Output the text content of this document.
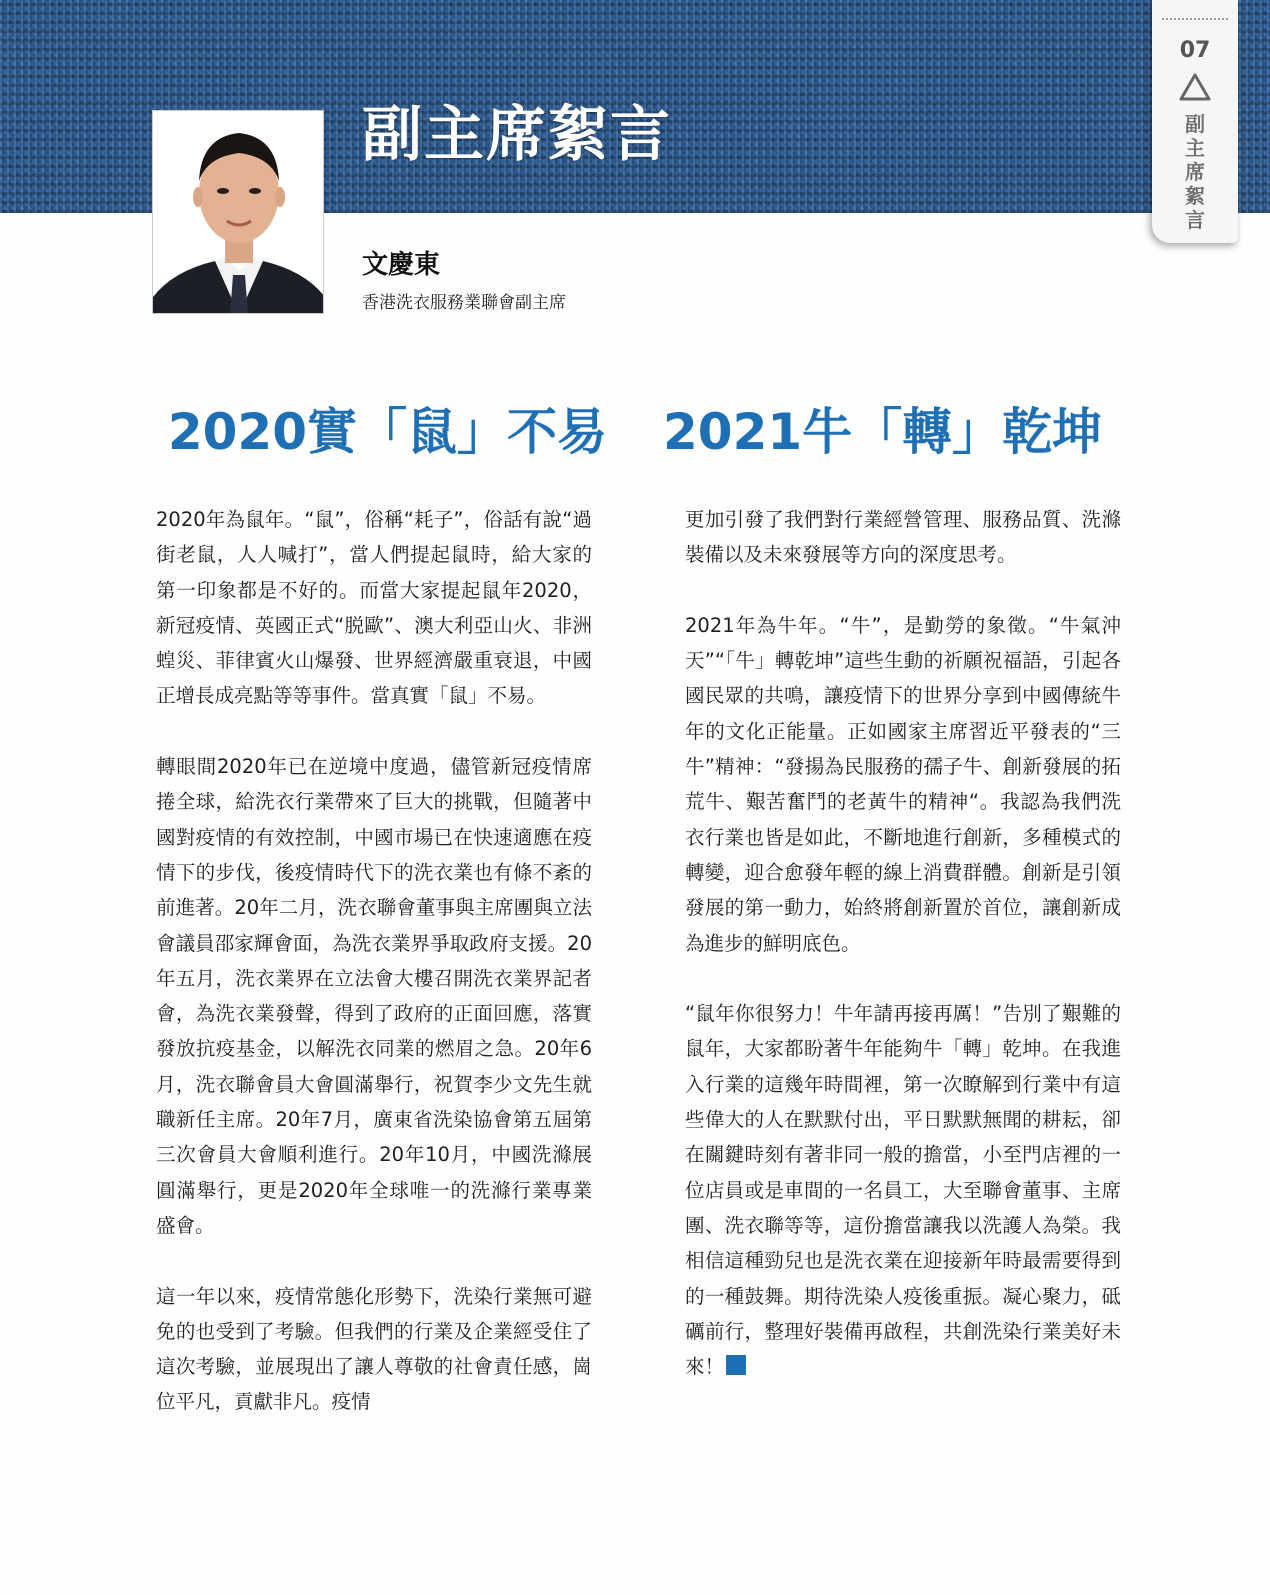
07
副主席絮言
副主席絮言
文慶東
香港洗衣服務業聯會副主席
2020實「鼠」不易 2021牛「轉」乾坤

2020年為鼠年。“鼠”，俗稱“耗子”，俗話有說“過街老鼠，人人喊打”，當人們提起鼠時，給大家的第一印象都是不好的。而當大家提起鼠年2020，新冠疫情、英國正式“脱歐”、澳大利亞山火、非洲蝗災、菲律賓火山爆發、世界經濟嚴重衰退，中國正增長成亮點等等事件。當真實「鼠」不易。

轉眼間2020年已在逆境中度過，儘管新冠疫情席捲全球，給洗衣行業帶來了巨大的挑戰，但隨著中國對疫情的有效控制，中國市場已在快速適應在疫情下的步伐，後疫情時代下的洗衣業也有條不紊的前進著。20年二月，洗衣聯會董事與主席團與立法會議員邵家輝會面，為洗衣業界爭取政府支援。20年五月，洗衣業界在立法會大樓召開洗衣業界記者會，為洗衣業發聲，得到了政府的正面回應，落實發放抗疫基金，以解洗衣同業的燃眉之急。20年6月，洗衣聯會員大會圓滿舉行，祝賀李少文先生就職新任主席。20年7月，廣東省洗染協會第五屆第三次會員大會順利進行。20年10月，中國洗滌展圓滿舉行，更是2020年全球唯一的洗滌行業專業盛會。

這一年以來，疫情常態化形勢下，洗染行業無可避免的也受到了考驗。但我們的行業及企業經受住了這次考驗，並展現出了讓人尊敬的社會責任感，崗位平凡，貢獻非凡。疫情

更加引發了我們對行業經營管理、服務品質、洗滌裝備以及未來發展等方向的深度思考。

2021年為牛年。“牛”，是勤勞的象徵。“牛氣沖天”“「牛」轉乾坤”這些生動的祈願祝福語，引起各國民眾的共鳴，讓疫情下的世界分享到中國傳統牛年的文化正能量。正如國家主席習近平發表的“三牛”精神：“發揚為民服務的孺子牛、創新發展的拓荒牛、艱苦奮鬥的老黃牛的精神“。我認為我們洗衣行業也皆是如此，不斷地進行創新，多種模式的轉變，迎合愈發年輕的線上消費群體。創新是引領發展的第一動力，始終將創新置於首位，讓創新成為進步的鮮明底色。

“鼠年你很努力！牛年請再接再厲！”告別了艱難的鼠年，大家都盼著牛年能夠牛「轉」乾坤。在我進入行業的這幾年時間裡，第一次瞭解到行業中有這些偉大的人在默默付出，平日默默無聞的耕耘，卻在關鍵時刻有著非同一般的擔當，小至門店裡的一位店員或是車間的一名員工，大至聯會董事、主席團、洗衣聯等等，這份擔當讓我以洗護人為榮。我相信這種勁兒也是洗衣業在迎接新年時最需要得到的一種鼓舞。期待洗染人疫後重振。凝心聚力，砥礪前行，整理好裝備再啟程，共創洗染行業美好未來！
